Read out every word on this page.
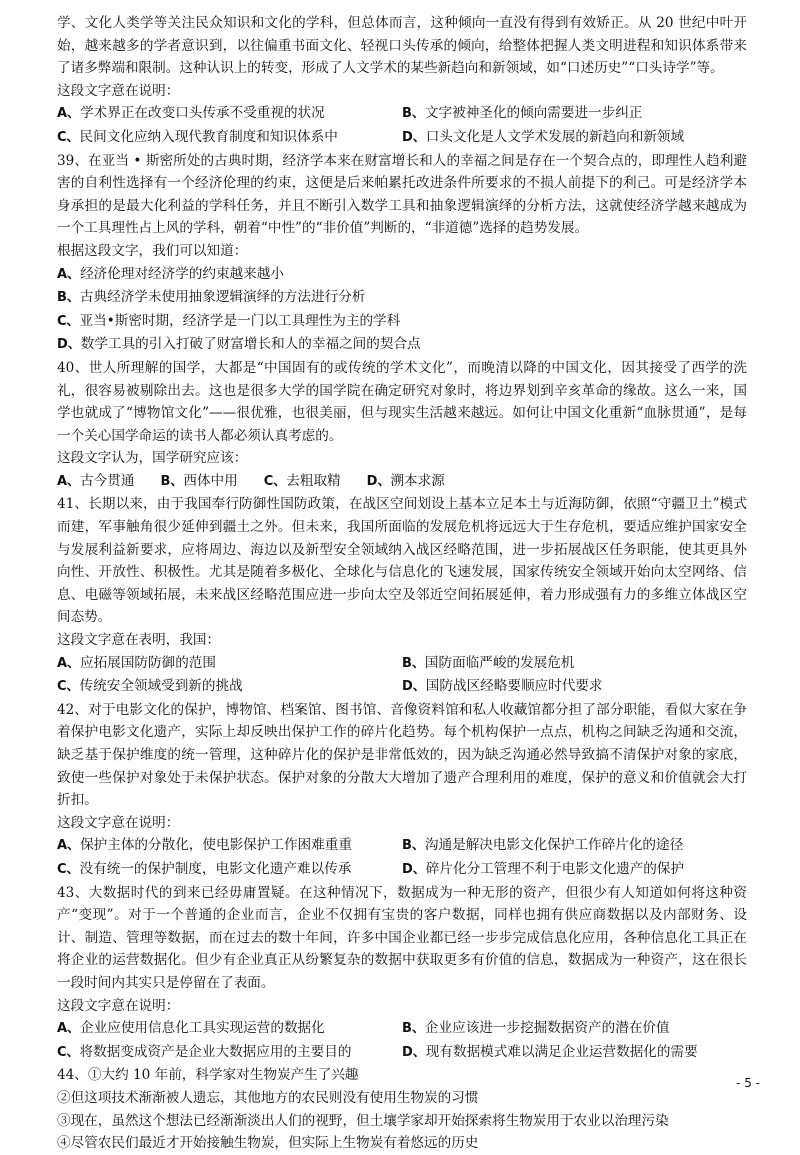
学、文化人类学等关注民众知识和文化的学科，但总体而言，这种倾向一直没有得到有效矫正。从 20 世纪中叶开始，越来越多的学者意识到，以往偏重书面文化、轻视口头传承的倾向，给整体把握人类文明进程和知识体系带来了诸多弊端和限制。这种认识上的转变，形成了人文学术的某些新趋向和新领域，如“口述历史”“口头诗学”等。

这段文字意在说明：

A、学术界正在改变口头传承不受重视的状况	B、文字被神圣化的倾向需要进一步纠正
C、民间文化应纳入现代教育制度和知识体系中	D、口头文化是人文学术发展的新趋向和新领域

39、在亚当 • 斯密所处的古典时期，经济学本来在财富增长和人的幸福之间是存在一个契合点的，即理性人趋利避害的自利性选择有一个经济伦理的约束，这便是后来帕累托改进条件所要求的不损人前提下的利己。可是经济学本身承担的是最大化利益的学科任务，并且不断引入数学工具和抽象逻辑演绎的分析方法，这就使经济学越来越成为一个工具理性占上风的学科，朝着“中性”的“非价值”判断的，“非道德”选择的趋势发展。

根据这段文字，我们可以知道：

A、经济伦理对经济学的约束越来越小
B、古典经济学未使用抽象逻辑演绎的方法进行分析
C、亚当•斯密时期，经济学是一门以工具理性为主的学科
D、数学工具的引入打破了财富增长和人的幸福之间的契合点

40、世人所理解的国学，大都是“中国固有的或传统的学术文化”，而晚清以降的中国文化，因其接受了西学的洗礼，很容易被剔除出去。这也是很多大学的国学院在确定研究对象时，将边界划到辛亥革命的缘故。这么一来，国学也就成了“博物馆文化”——很优雅，也很美丽，但与现实生活越来越远。如何让中国文化重新“血脉贯通”，是每一个关心国学命运的读书人都必须认真考虑的。

这段文字认为，国学研究应该：

A、古今贯通 B、西体中用 C、去粗取精 D、溯本求源

41、长期以来，由于我国奉行防御性国防政策，在战区空间划设上基本立足本土与近海防御，依照“守疆卫土”模式而建，军事触角很少延伸到疆土之外。但未来，我国所面临的发展危机将远远大于生存危机，要适应维护国家安全与发展利益新要求，应将周边、海边以及新型安全领域纳入战区经略范围，进一步拓展战区任务职能，使其更具外向性、开放性、积极性。尤其是随着多极化、全球化与信息化的飞速发展，国家传统安全领域开始向太空网络、信息、电磁等领域拓展，未来战区经略范围应进一步向太空及邻近空间拓展延伸，着力形成强有力的多维立体战区空间态势。

这段文字意在表明，我国：

A、应拓展国防防御的范围	B、国防面临严峻的发展危机
C、传统安全领域受到新的挑战	D、国防战区经略要顺应时代要求

42、对于电影文化的保护，博物馆、档案馆、图书馆、音像资料馆和私人收藏馆都分担了部分职能，看似大家在争着保护电影文化遗产，实际上却反映出保护工作的碎片化趋势。每个机构保护一点点，机构之间缺乏沟通和交流，缺乏基于保护维度的统一管理，这种碎片化的保护是非常低效的，因为缺乏沟通必然导致搞不清保护对象的家底，致使一些保护对象处于未保护状态。保护对象的分散大大增加了遗产合理利用的难度，保护的意义和价值就会大打折扣。

这段文字意在说明：

A、保护主体的分散化，使电影保护工作困难重重	B、沟通是解决电影文化保护工作碎片化的途径
C、没有统一的保护制度，电影文化遗产难以传承	D、碎片化分工管理不利于电影文化遗产的保护

43、大数据时代的到来已经毋庸置疑。在这种情况下，数据成为一种无形的资产，但很少有人知道如何将这种资产“变现”。对于一个普通的企业而言，企业不仅拥有宝贵的客户数据，同样也拥有供应商数据以及内部财务、设计、制造、管理等数据，而在过去的数十年间，许多中国企业都已经一步步完成信息化应用，各种信息化工具正在将企业的运营数据化。但少有企业真正从纷繁复杂的数据中获取更多有价值的信息，数据成为一种资产，这在很长一段时间内其实只是停留在了表面。

这段文字意在说明：

A、企业应使用信息化工具实现运营的数据化	B、企业应该进一步挖掘数据资产的潜在价值
C、将数据变成资产是企业大数据应用的主要目的	D、现有数据模式难以满足企业运营数据化的需要

44、①大约 10 年前，科学家对生物炭产生了兴趣

②但这项技术渐渐被人遗忘，其他地方的农民则没有使用生物炭的习惯

③现在，虽然这个想法已经渐渐淡出人们的视野，但土壤学家却开始探索将生物炭用于农业以治理污染

④尽管农民们最近才开始接触生物炭，但实际上生物炭有着悠远的历史

- 5 -
